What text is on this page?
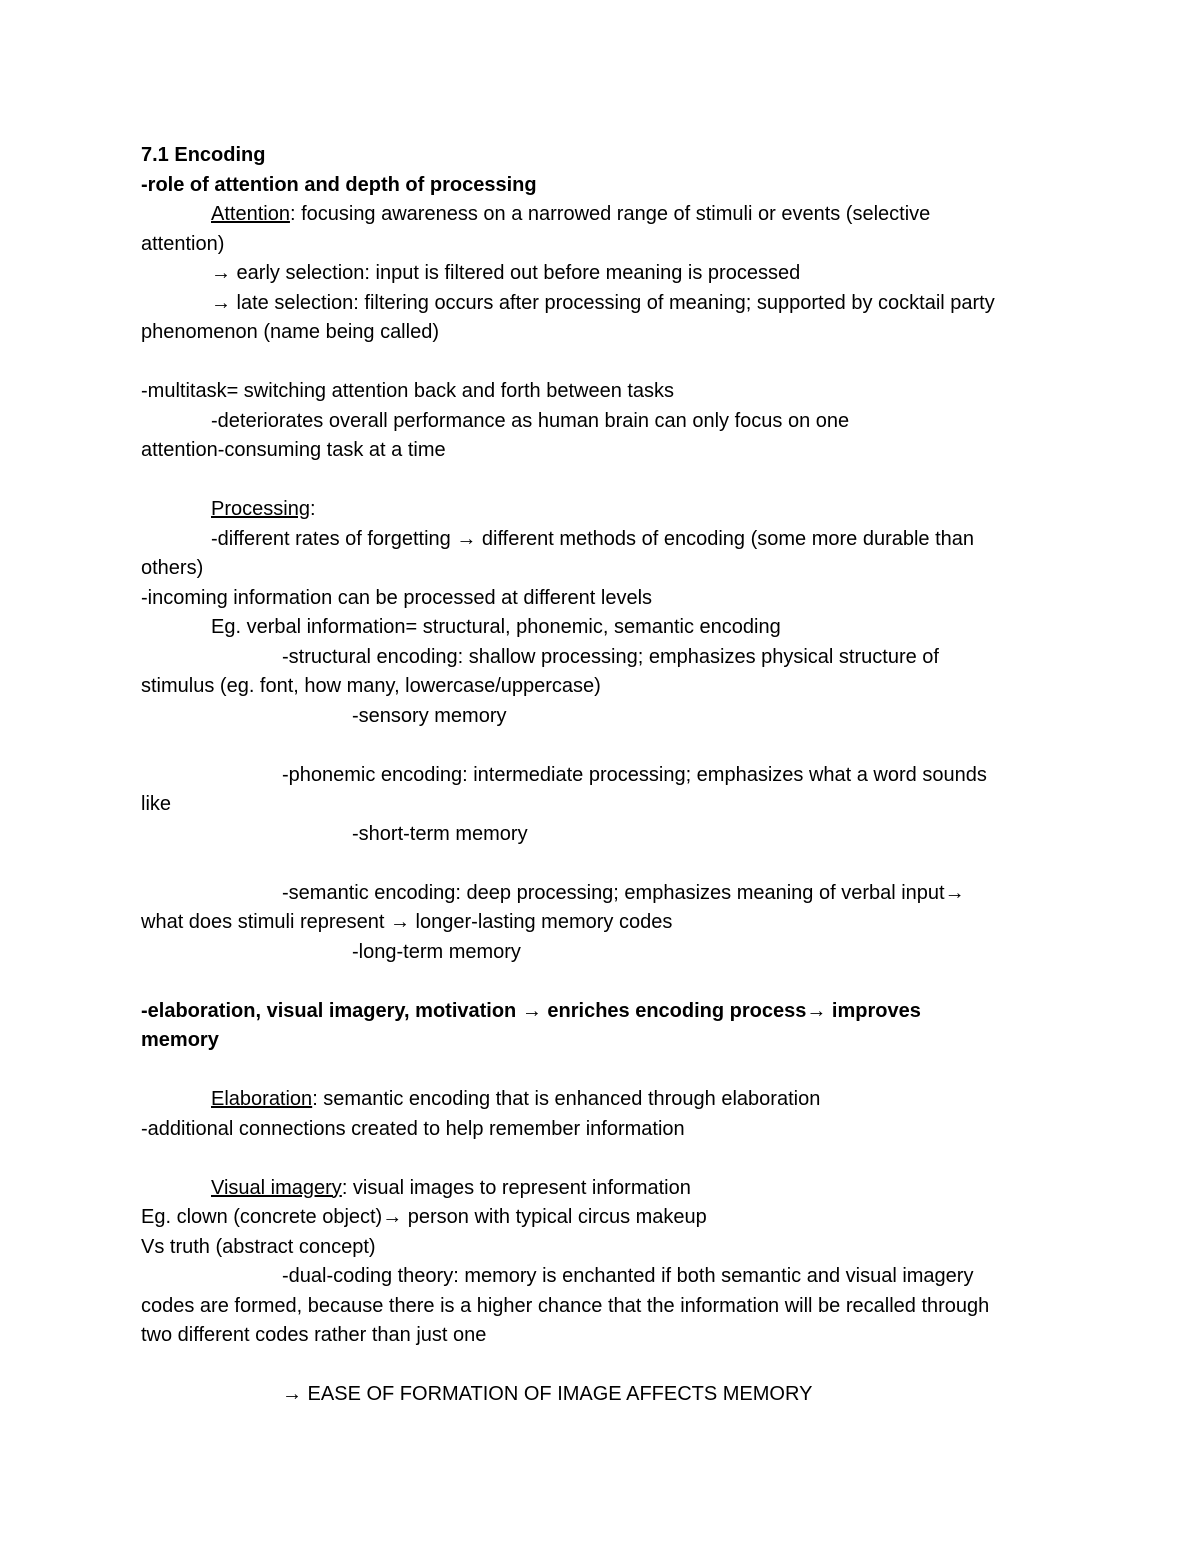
7.1 Encoding
-role of attention and depth of processing
Attention: focusing awareness on a narrowed range of stimuli or events (selective
attention)
→ early selection: input is filtered out before meaning is processed
→ late selection: filtering occurs after processing of meaning; supported by cocktail party
phenomenon (name being called)
-multitask= switching attention back and forth between tasks
-deteriorates overall performance as human brain can only focus on one
attention-consuming task at a time
Processing:
-different rates of forgetting → different methods of encoding (some more durable than
others)
-incoming information can be processed at different levels
Eg. verbal information= structural, phonemic, semantic encoding
-structural encoding: shallow processing; emphasizes physical structure of
stimulus (eg. font, how many, lowercase/uppercase)
-sensory memory
-phonemic encoding: intermediate processing; emphasizes what a word sounds
like
-short-term memory
-semantic encoding: deep processing; emphasizes meaning of verbal input→
what does stimuli represent → longer-lasting memory codes
-long-term memory
-elaboration, visual imagery, motivation → enriches encoding process→ improves
memory
Elaboration: semantic encoding that is enhanced through elaboration
-additional connections created to help remember information
Visual imagery: visual images to represent information
Eg. clown (concrete object)→ person with typical circus makeup
Vs truth (abstract concept)
-dual-coding theory: memory is enchanted if both semantic and visual imagery
codes are formed, because there is a higher chance that the information will be recalled through
two different codes rather than just one
→ EASE OF FORMATION OF IMAGE AFFECTS MEMORY
